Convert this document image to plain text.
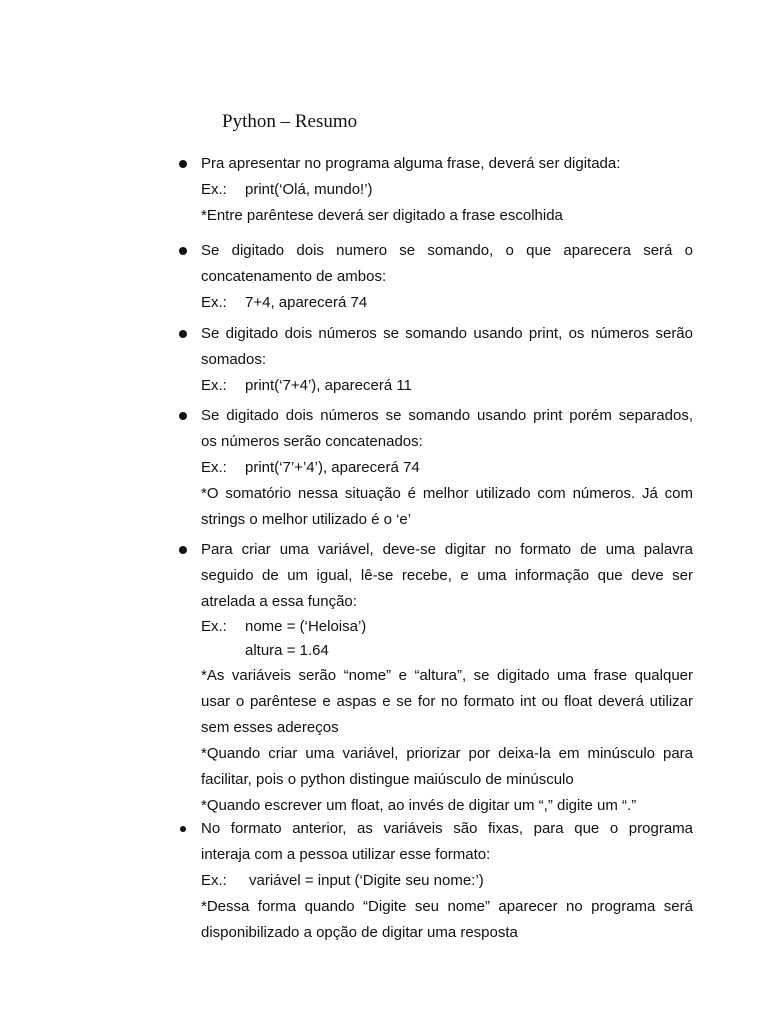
Python – Resumo

Pra apresentar no programa alguma frase, deverá ser digitada:

Ex.: print(‘Olá, mundo!’)

*Entre parêntese deverá ser digitado a frase escolhida

Se digitado dois numero se somando, o que aparecera será o

concatenamento de ambos:

Ex.: 7+4, aparecerá 74

Se digitado dois números se somando usando print, os números serão

somados:

Ex.: print(‘7+4’), aparecerá 11

Se digitado dois números se somando usando print porém separados,

os números serão concatenados:

Ex.: print(‘7’+’4’), aparecerá 74

*O somatório nessa situação é melhor utilizado com números. Já com

strings o melhor utilizado é o ‘e’

Para criar uma variável, deve-se digitar no formato de uma palavra

seguido de um igual, lê-se recebe, e uma informação que deve ser

atrelada a essa função:

Ex.: nome = (‘Heloisa’)

altura = 1.64

*As variáveis serão “nome” e “altura”, se digitado uma frase qualquer

usar o parêntese e aspas e se for no formato int ou float deverá utilizar

sem esses adereços

*Quando criar uma variável, priorizar por deixa-la em minúsculo para

facilitar, pois o python distingue maiúsculo de minúsculo

*Quando escrever um float, ao invés de digitar um “,” digite um “.”

No formato anterior, as variáveis são fixas, para que o programa

interaja com a pessoa utilizar esse formato:

Ex.: variável = input (‘Digite seu nome:’)

*Dessa forma quando “Digite seu nome” aparecer no programa será

disponibilizado a opção de digitar uma resposta
